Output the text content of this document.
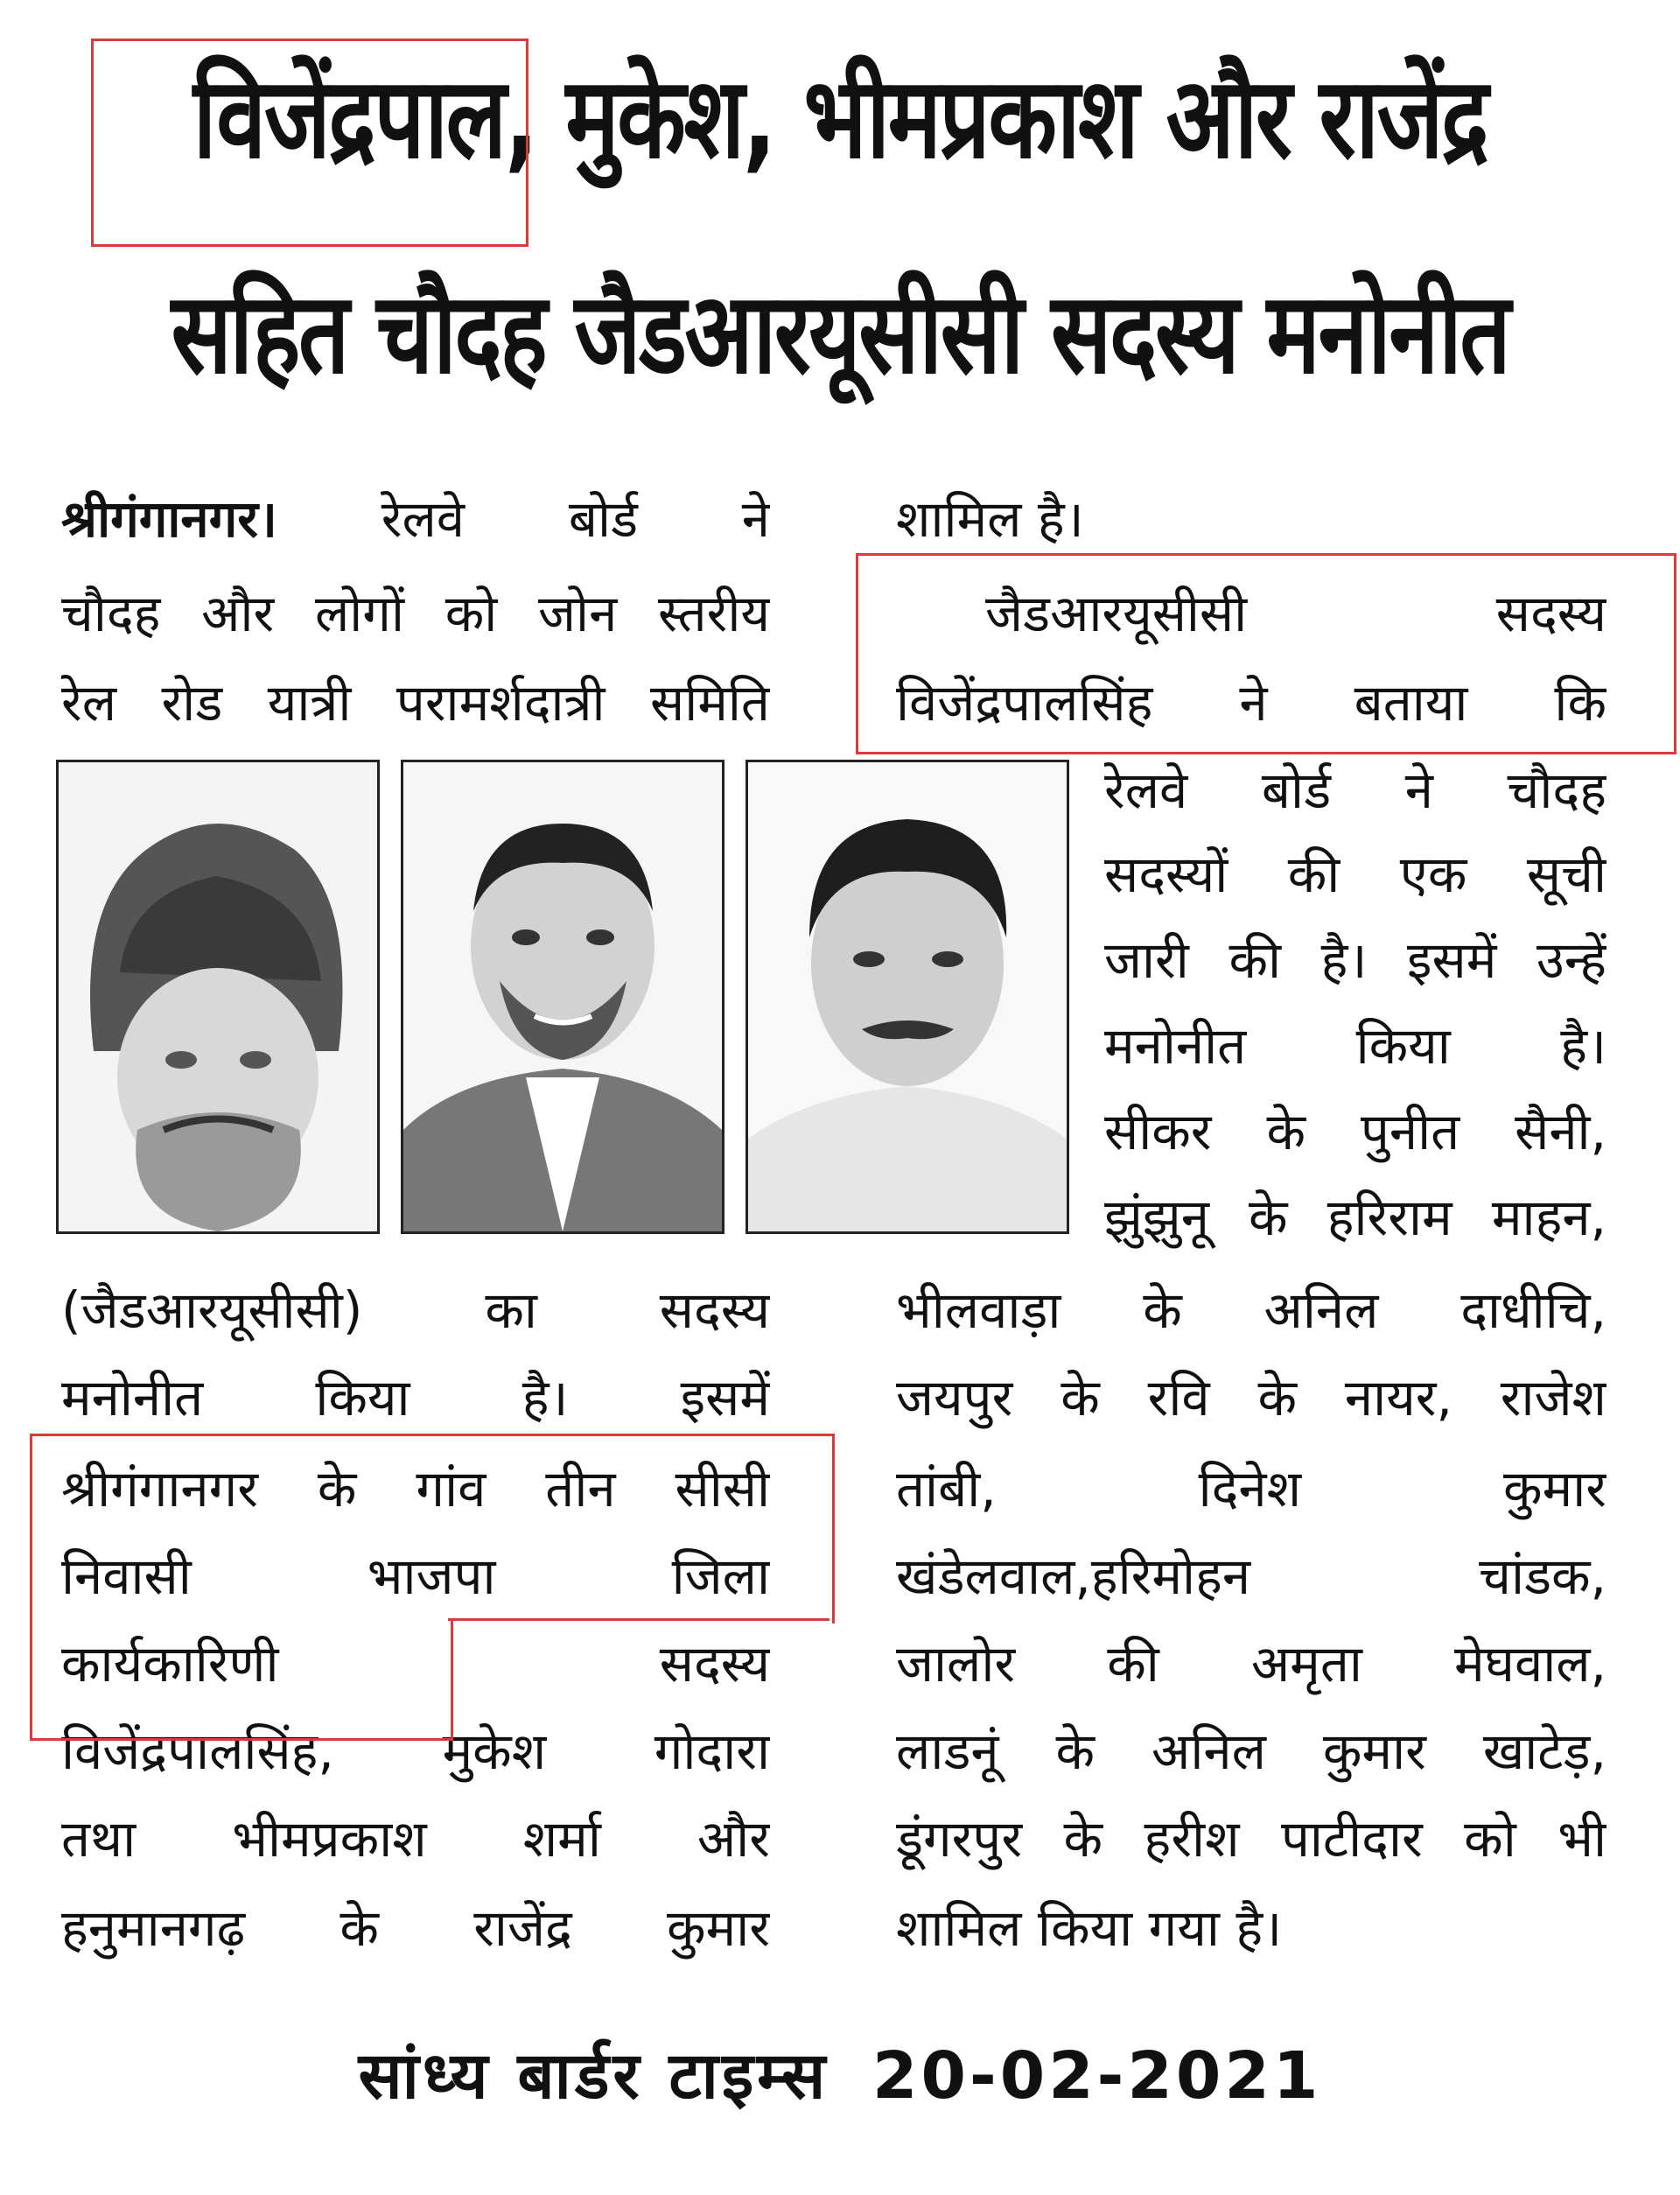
विजेंद्रपाल, मुकेश, भीमप्रकाश और राजेंद्र
सहित चौदह जैडआरयूसीसी सदस्य मनोनीत
श्रीगंगानगर। रेलवे बोर्ड ने
चौदह और लोगों को जोन स्तरीय
रेल रोड यात्री परामर्शदात्री समिति
शामिल है।
जैडआरयूसीसी सदस्य
विजेंद्रपालसिंह ने बताया कि
रेलवे बोर्ड ने चौदह
सदस्यों की एक सूची
जारी की है। इसमें उन्हें
मनोनीत किया है।
सीकर के पुनीत सैनी,
झुंझुनू के हरिराम माहन,
(जैडआरयूसीसी) का सदस्य
मनोनीत किया है। इसमें
श्रीगंगानगर के गांव तीन सीसी
निवासी भाजपा जिला
कार्यकारिणी सदस्य
विजेंद्रपालसिंह, मुकेश गोदारा
तथा भीमप्रकाश शर्मा और
हनुमानगढ़ के राजेंद्र कुमार
भीलवाड़ा के अनिल दाधीचि,
जयपुर के रवि के नायर, राजेश
तांबी, दिनेश कुमार
खंडेलवाल,हरिमोहन चांडक,
जालोर की अमृता मेघवाल,
लाडनूं के अनिल कुमार खाटेड़,
डूंगरपुर के हरीश पाटीदार को भी
शामिल किया गया है।
सांध्य बार्डर टाइम्स 20-02-2021
